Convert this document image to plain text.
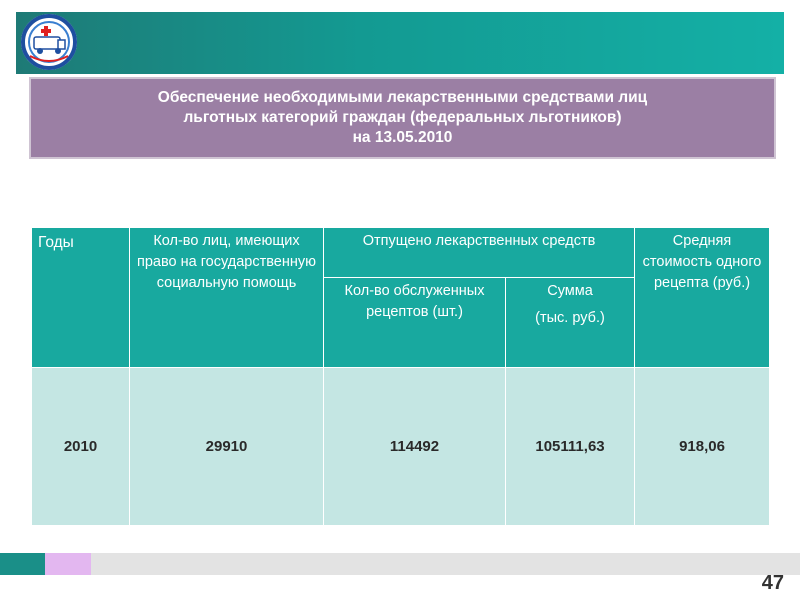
Обеспечение необходимыми лекарственными средствами лиц
льготных категорий граждан (федеральных льготников)
на 13.05.2010
Годы	Кол-во лиц, имеющих право на государственную социальную помощь	Отпущено лекарственных средств		Средняя стоимость одного рецепта (руб.)
		Кол-во обслуженных рецептов (шт.)	Сумма
(тыс. руб.)	

2010	29910	114492	105111,63	918,06
47
